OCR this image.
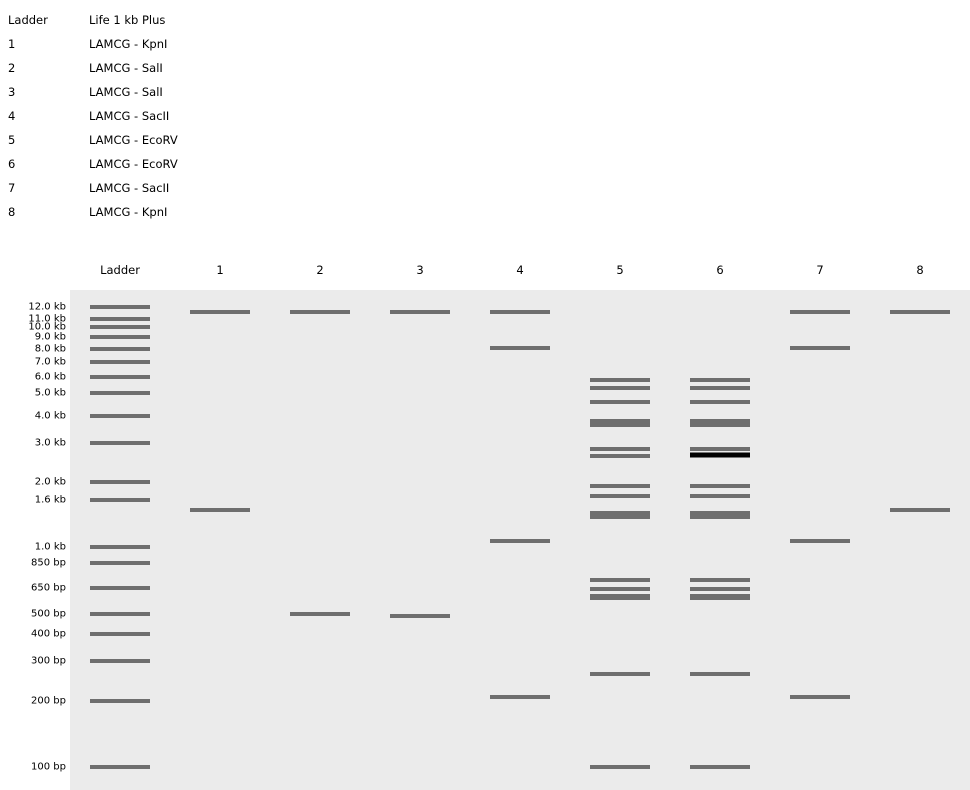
Ladder	Life 1 kb Plus
1	LAMCG - KpnI
2	LAMCG - SalI
3	LAMCG - SalI
4	LAMCG - SacII
5	LAMCG - EcoRV
6	LAMCG - EcoRV
7	LAMCG - SacII
8	LAMCG - KpnI
Ladder	1	2	3	4	5	6	7	8
12.0 kb
11.0 kb
10.0 kb
9.0 kb
8.0 kb
7.0 kb
6.0 kb
5.0 kb
4.0 kb
3.0 kb
2.0 kb
1.6 kb
1.0 kb
850 bp
650 bp
500 bp
400 bp
300 bp
200 bp
100 bp
